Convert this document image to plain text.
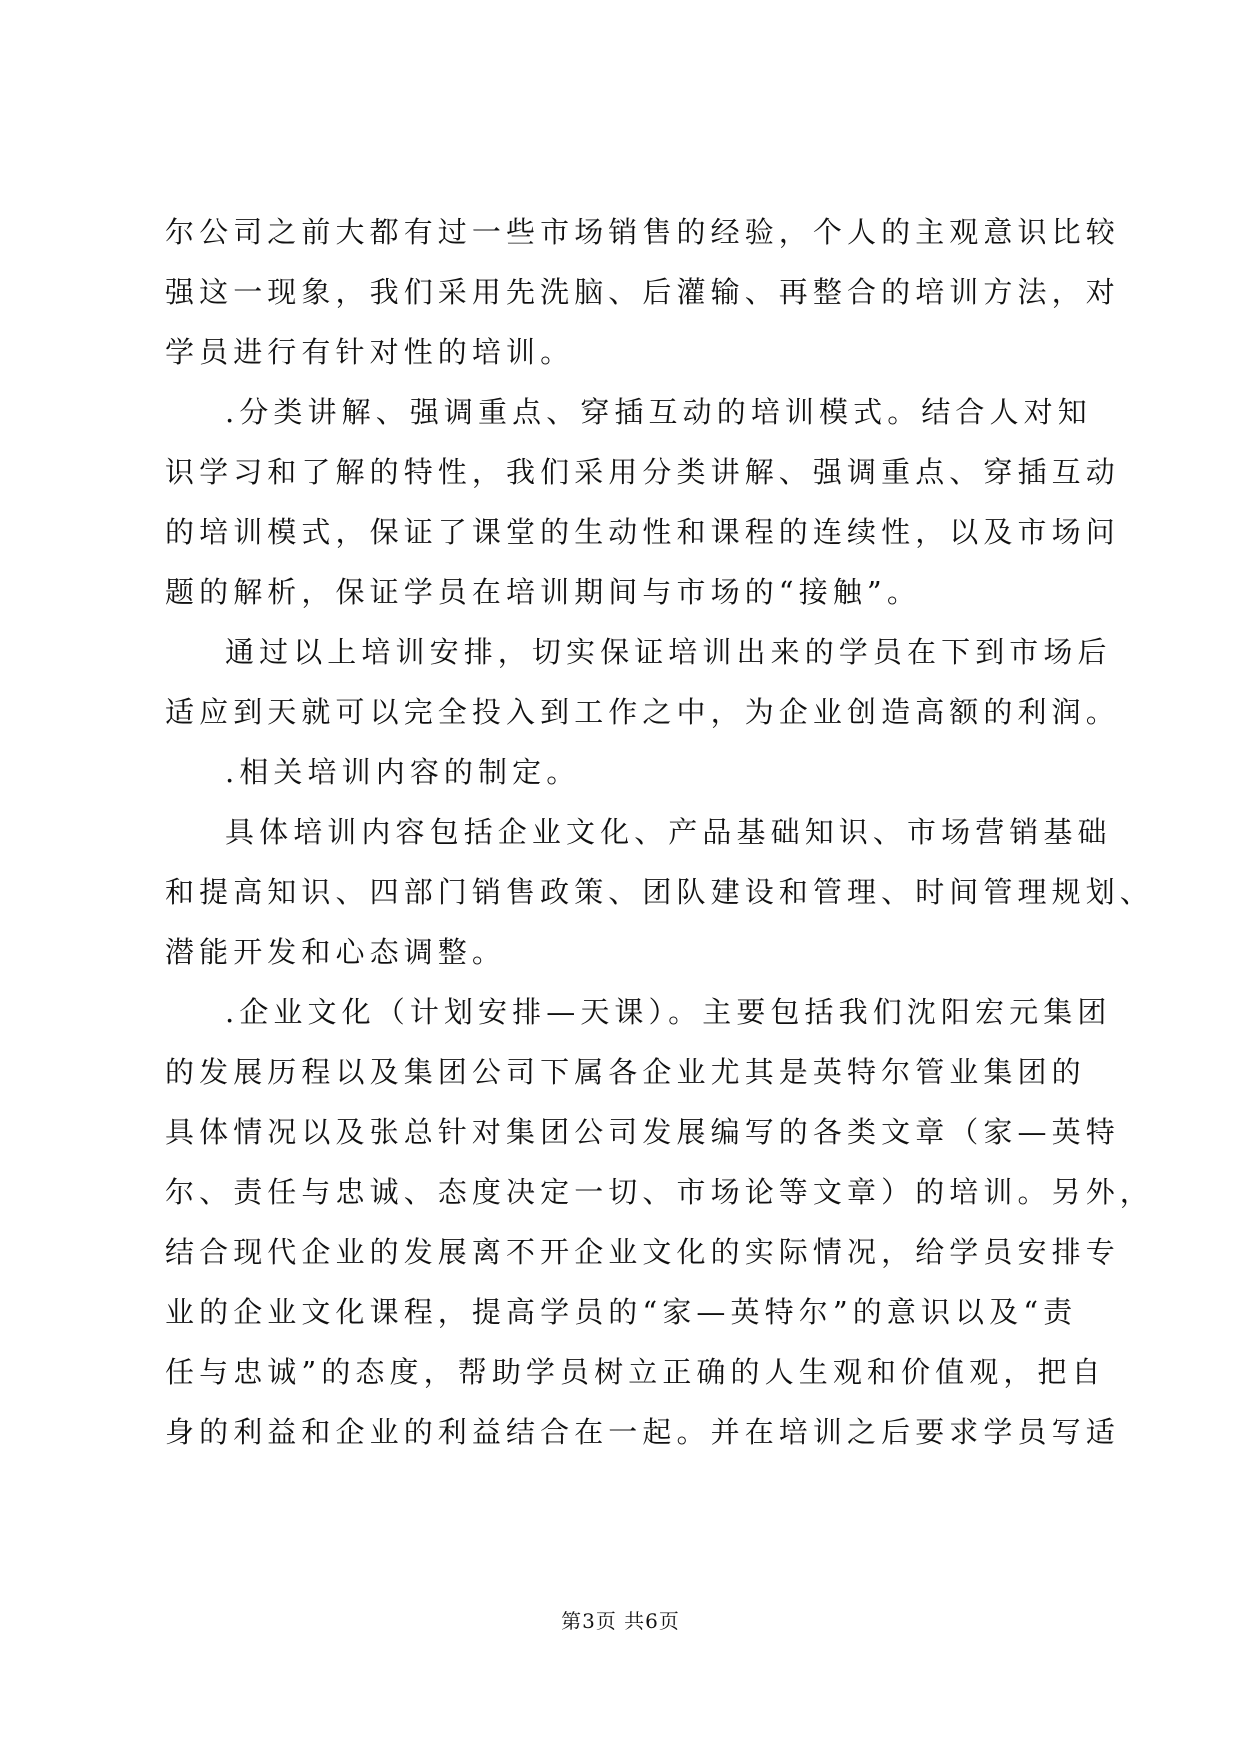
尔公司之前大都有过一些市场销售的经验，个人的主观意识比较
强这一现象，我们采用先洗脑、后灌输、再整合的培训方法，对
学员进行有针对性的培训。
.分类讲解、强调重点、穿插互动的培训模式。结合人对知
识学习和了解的特性，我们采用分类讲解、强调重点、穿插互动
的培训模式，保证了课堂的生动性和课程的连续性，以及市场问
题的解析，保证学员在培训期间与市场的“接触”。
通过以上培训安排，切实保证培训出来的学员在下到市场后
适应到天就可以完全投入到工作之中，为企业创造高额的利润。
.相关培训内容的制定。
具体培训内容包括企业文化、产品基础知识、市场营销基础
和提高知识、四部门销售政策、团队建设和管理、时间管理规划、
潜能开发和心态调整。
.企业文化（计划安排—天课）。主要包括我们沈阳宏元集团
的发展历程以及集团公司下属各企业尤其是英特尔管业集团的
具体情况以及张总针对集团公司发展编写的各类文章（家—英特
尔、责任与忠诚、态度决定一切、市场论等文章）的培训。另外，
结合现代企业的发展离不开企业文化的实际情况，给学员安排专
业的企业文化课程，提高学员的“家—英特尔”的意识以及“责
任与忠诚”的态度，帮助学员树立正确的人生观和价值观，把自
身的利益和企业的利益结合在一起。并在培训之后要求学员写适
第3页 共6页
